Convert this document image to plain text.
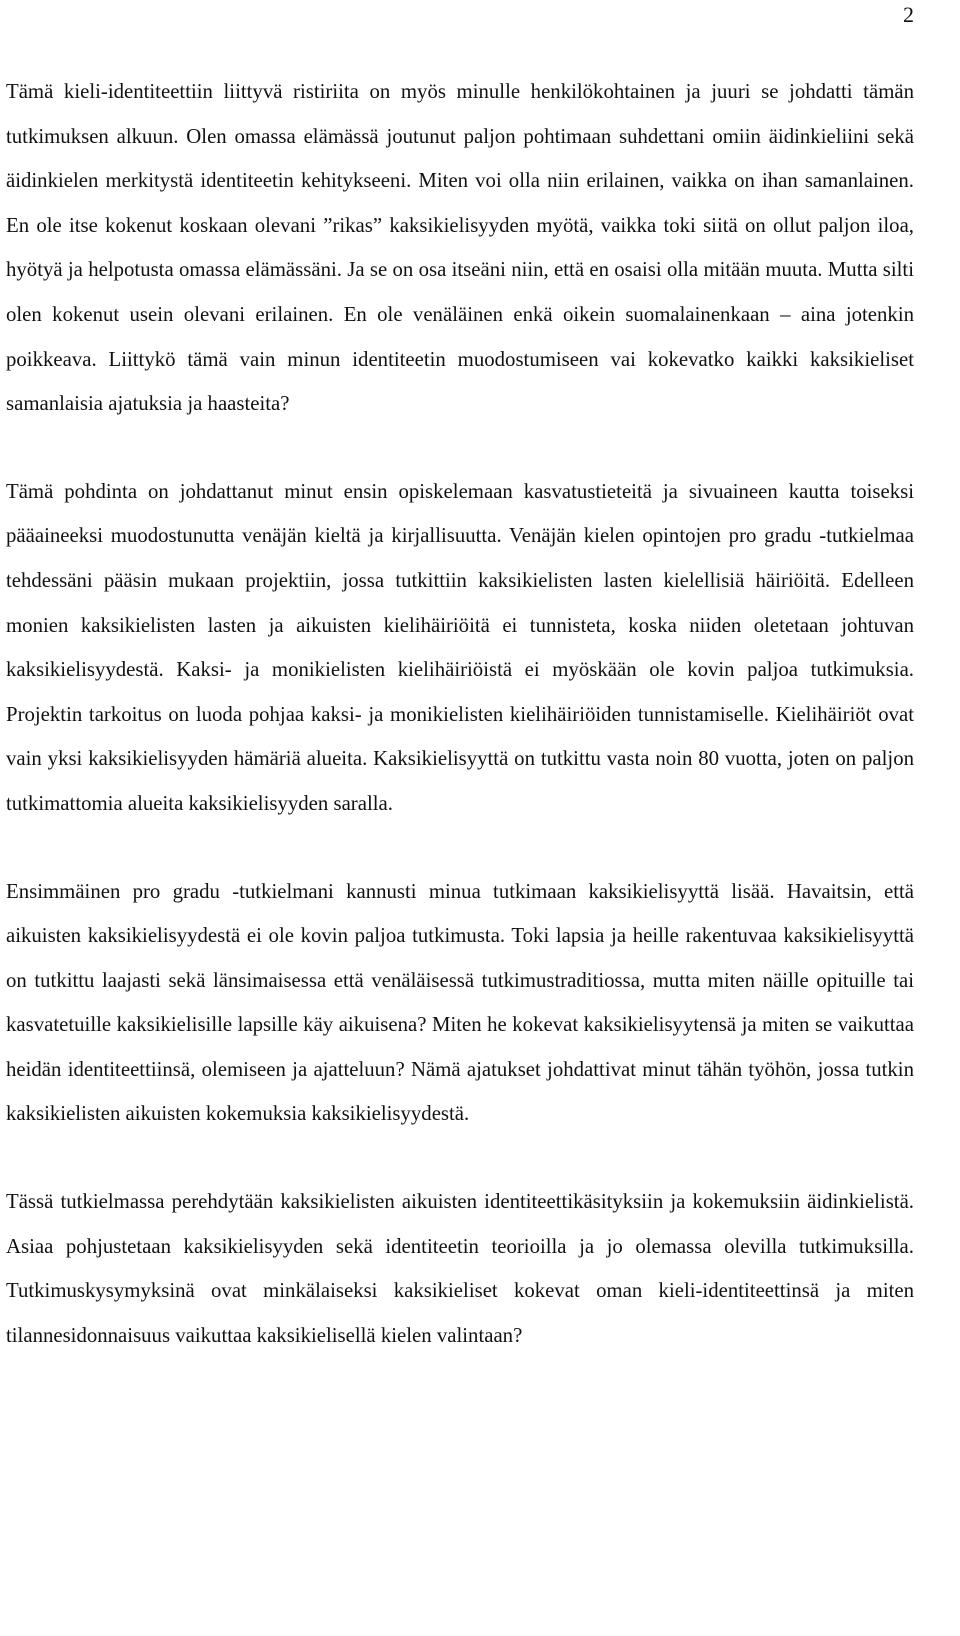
2

Tämä kieli-identiteettiin liittyvä ristiriita on myös minulle henkilökohtainen ja juuri se johdatti tämän tutkimuksen alkuun. Olen omassa elämässä joutunut paljon pohtimaan suhdettani omiin äidinkieliini sekä äidinkielen merkitystä identiteetin kehitykseeni. Miten voi olla niin erilainen, vaikka on ihan samanlainen. En ole itse kokenut koskaan olevani ”rikas” kaksikielisyyden myötä, vaikka toki siitä on ollut paljon iloa, hyötyä ja helpotusta omassa elämässäni. Ja se on osa itseäni niin, että en osaisi olla mitään muuta. Mutta silti olen kokenut usein olevani erilainen. En ole venäläinen enkä oikein suomalainenkaan – aina jotenkin poikkeava. Liittykö tämä vain minun identiteetin muodostumiseen vai kokevatko kaikki kaksikieliset samanlaisia ajatuksia ja haasteita?

Tämä pohdinta on johdattanut minut ensin opiskelemaan kasvatustieteitä ja sivuaineen kautta toiseksi pääaineeksi muodostunutta venäjän kieltä ja kirjallisuutta. Venäjän kielen opintojen pro gradu -tutkielmaa tehdessäni pääsin mukaan projektiin, jossa tutkittiin kaksikielisten lasten kielellisiä häiriöitä. Edelleen monien kaksikielisten lasten ja aikuisten kielihäiriöitä ei tunnisteta, koska niiden oletetaan johtuvan kaksikielisyydestä. Kaksi- ja monikielisten kielihäiriöistä ei myöskään ole kovin paljoa tutkimuksia. Projektin tarkoitus on luoda pohjaa kaksi- ja monikielisten kielihäiriöiden tunnistamiselle. Kielihäiriöt ovat vain yksi kaksikielisyyden hämäriä alueita. Kaksikielisyyttä on tutkittu vasta noin 80 vuotta, joten on paljon tutkimattomia alueita kaksikielisyyden saralla.

Ensimmäinen pro gradu -tutkielmani kannusti minua tutkimaan kaksikielisyyttä lisää. Havaitsin, että aikuisten kaksikielisyydestä ei ole kovin paljoa tutkimusta. Toki lapsia ja heille rakentuvaa kaksikielisyyttä on tutkittu laajasti sekä länsimaisessa että venäläisessä tutkimustraditiossa, mutta miten näille opituille tai kasvatetuille kaksikielisille lapsille käy aikuisena? Miten he kokevat kaksikielisyytensä ja miten se vaikuttaa heidän identiteettiinsä, olemiseen ja ajatteluun? Nämä ajatukset johdattivat minut tähän työhön, jossa tutkin kaksikielisten aikuisten kokemuksia kaksikielisyydestä.

Tässä tutkielmassa perehdytään kaksikielisten aikuisten identiteettikäsityksiin ja kokemuksiin äidinkielistä. Asiaa pohjustetaan kaksikielisyyden sekä identiteetin teorioilla ja jo olemassa olevilla tutkimuksilla. Tutkimuskysymyksinä ovat minkälaiseksi kaksikieliset kokevat oman kieli-identiteettinsä ja miten tilannesidonnaisuus vaikuttaa kaksikielisellä kielen valintaan?
